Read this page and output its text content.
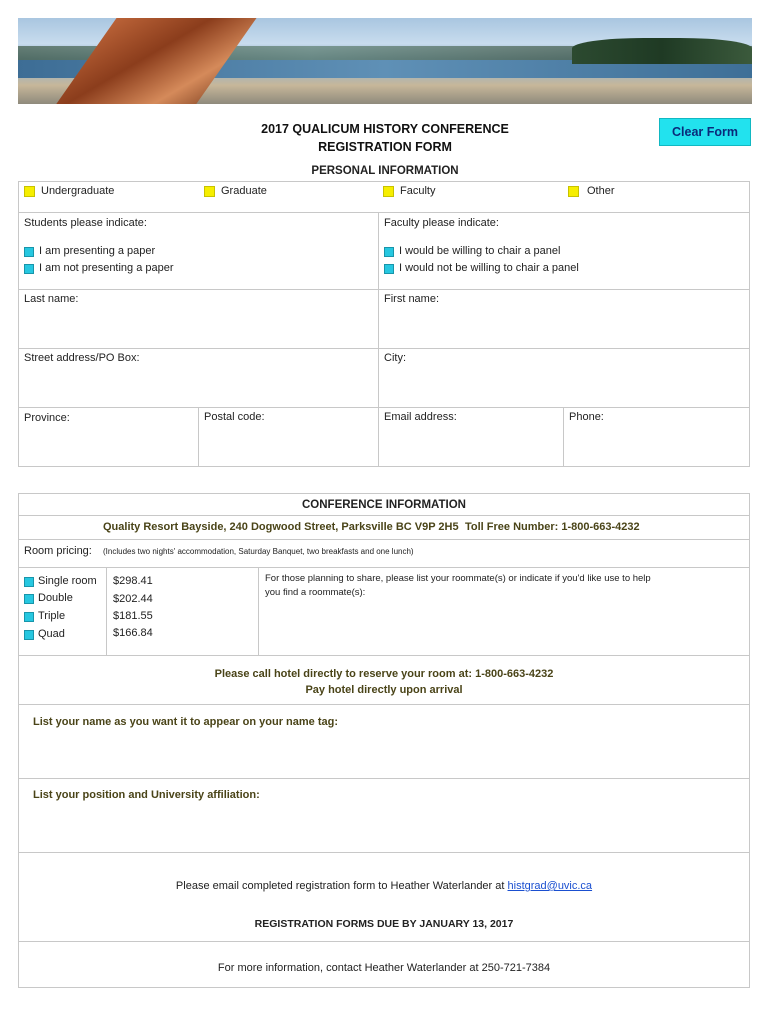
2017 QUALICUM HISTORY CONFERENCE
REGISTRATION FORM
Clear Form
PERSONAL INFORMATION
Undergraduate	Graduate	Faculty	Other
Students please indicate:
I am presenting a paper
I am not presenting a paper
Faculty please indicate:
I would be willing to chair a panel
I would not be willing to chair a panel
Last name:	First name:
Street address/PO Box:	City:
Province:	Postal code:	Email address:	Phone:
CONFERENCE INFORMATION
Quality Resort Bayside, 240 Dogwood Street, Parksville BC V9P 2H5 Toll Free Number: 1-800-663-4232
Room pricing: (Includes two nights' accommodation, Saturday Banquet, two breakfasts and one lunch)
Single room $298.41
Double	$202.44
Triple	$181.55
Quad	$166.84
For those planning to share, please list your roommate(s) or indicate if you'd like use to help
you find a roommate(s):
Please call hotel directly to reserve your room at: 1-800-663-4232
Pay hotel directly upon arrival
List your name as you want it to appear on your name tag:
List your position and University affiliation:
Please email completed registration form to Heather Waterlander at histgrad@uvic.ca
REGISTRATION FORMS DUE BY JANUARY 13, 2017
For more information, contact Heather Waterlander at 250-721-7384
